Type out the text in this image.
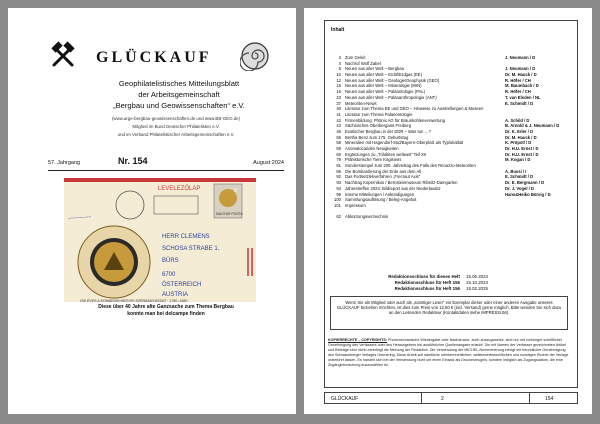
GLÜCKAUF
Geophilatelistisches Mitteilungsblatt
der Arbeitsgemeinschaft
„Bergbau und Geowissenschaften“ e.V.
(www.arge-bergbau-geowissenschaften.de und www.BB-GEO.de)
Mitglied im Bund Deutscher Philatelisten e.V.
und im Verband Philatelistischer Arbeitsgemeinschaften e.V.
57. Jahrgang	Nr. 154	August 2024
LEVELEZŐLAP
MAGYAR POSTA
3
~~~~~~~~
HERR CLEMENS
SCHOSA STRABE 1.
BÜRS
6700
ÖSTERREICH
AUSTRIA
200 ÉVES A KOMÁROM MEGYEI SZÉNBÁNYÁSZAT · 1780–1980
Diese über 40 Jahre alte Ganzsache zum Thema Bergbau
konnte man bei delcampe finden
Inhalt
3 Zum Geleit	J. Neumann / D
4 Nachruf Wolf Zabel
5 Neues aus aller Welt – Bergbau	J. Neumann / D
10 Neues aus aller Welt – Erdöl/Erdgas (EE)	Dr. M. Hauck / D
12 Neues aus aller Welt – Geologie/Geophysik (GEO)	R. Höfer / CH
15 Neues aus aller Welt – Mineralogie (MIN)	M. Baumbach / D
16 Neues aus aller Welt – Paläontologie (PAL)	R. Höfer / CH
23 Neues aus aller Welt – Paläoanthropologie (ANT)	T. van Elsden / NL
37 Meteoriten-News	E. Schmidt / D
40 Literatur zum Thema EE und GEO – Hinweise zu Ausstellungen & Museen
41 Literatur zum Thema Palaeontologie
42 Firmenbildung: Phönix AG für Braunkohlenverwertung	A. Schild / D
43 Sächsisches Oberbergamt Freiberg	B. Arnold & J. Neumann / D
46 Exotischer Bergbau in der DDR – Was tun …?	Dr. K. Erler / D
55 Bertha Benz zum 175. Geburtstag	Dr. M. Hauck / D
58 Mineralien mit Hagendorf-Süd/Bayern-Oberpfalz als Typlokalität	K. Pröpstl / D
59 Anomalocariden Neuigkeiten	Dr. H.U. Ernst / D
60 Ergänzungen zu „Trilobiten weltweit“ Teil XII	Dr. H.U. Ernst / D
79 Prähistorische Tiere Kirgisiens	M. Kogan / D
81 Sonderstempel zum 200. Jahrestag des Falls des Renazzo-Meteoriten
85 Die Bombardierung der Erde aus dem All	A. Bussi / I
92 Das Fortsetzlekverfahren „Frecraut Axis“	E. Schmidt / D
93 Nachtrag Kopernikus / Bernsteinmuseum Ribnitz-Damgarten	Dr. E. Bergmann / D
94 Jahrestreffen 2024: Bildreport aus der Niederlausitz	Dr. J. Vogel / D
99 Interne Mitteilungen / Ankündigungen	Hans&Heiko Bürsig / D
100 Sammlungsauflösung / Beleg-Angebot
101 Impressum
62 Abkürzungsverzeichnis
Redaktionsschluss für dieses Heft 15.06.2024
Redaktionsschluss für Heft 155 15.10.2024
Redaktionsschluss für Heft 156 15.02.2025
Wenn Sie als Mitglied oder auch als „sonstiger Leser“ ein Exemplar dieser oder einer anderen Ausgabe unseres GLÜCKAUF beziehen möchten, ist dies zum Preis von 12,50 € (incl. Versand) gerne möglich. Bitte wenden Sie sich dazu an den Leitenden Redakteur (Kontaktdaten siehe IMPRESSUM).
KOPIERRECHTE – COPYRIGHTS: Photomechanische Wiedergabe oder Nachdrucke, auch auszugsweise, sind nur mit vorheriger schriftlicher Genehmigung des Verfassers oder des Herausgebers bei ausführlicher Quellenangabe erlaubt. Die mit Namen der Verfasser gezeichneten Artikel und Beiträge sind nicht unbedingt die Meinung der Redaktion. Die Verwendung der MICHEL-Nummerierung erfolgt mit freundlicher Genehmigung des Schwaneberger Verlages Germering. Diese Arbeit soll sämtliche urheberrechtlichen, wettbewerbsrechtlichen und sonstigen Rechte der Verlage unberührt lassen. Es handelt sich bei der Verwendung nicht um einen Einsatz als Druckerzeugnis, sondern lediglich als Zugangsdatum, die eine Zugängichmachung auszuwählen ist.
GLÜCKAUF	2	154
